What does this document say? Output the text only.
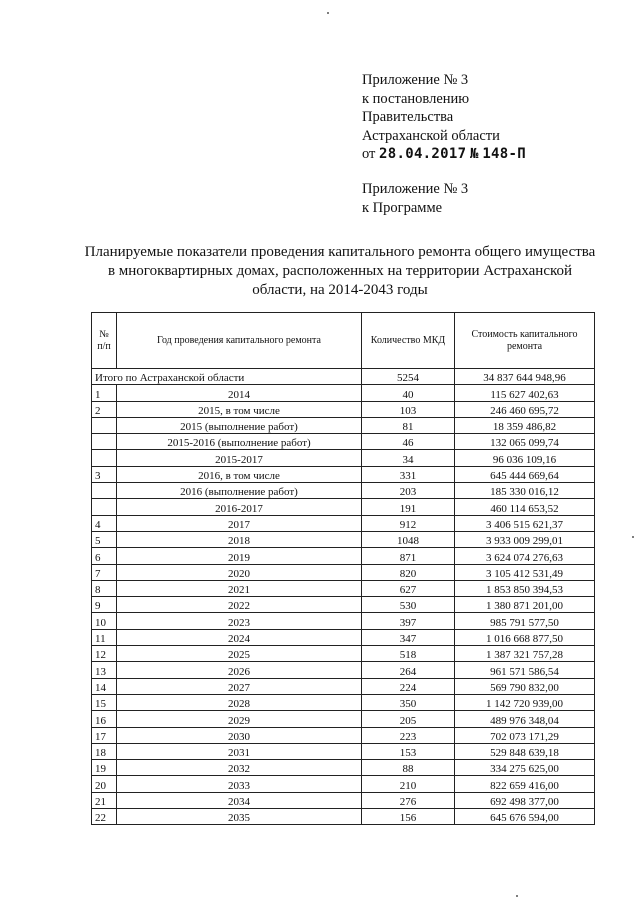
Приложение № 3
к постановлению
Правительства
Астраханской области
от 28.04.2017 № 148-П
Приложение № 3
к Программе
Планируемые показатели проведения капитального ремонта общего имущества
в многоквартирных домах, расположенных на территории Астраханской
области, на 2014-2043 годы
№ п/п	Год проведения капитального ремонта	Количество МКД	Стоимость капитального ремонта
Итого по Астраханской области		5254	34 837 644 948,96
1	2014	40	115 627 402,63
2	2015, в том числе	103	246 460 695,72
	2015 (выполнение работ)	81	18 359 486,82
	2015-2016 (выполнение работ)	46	132 065 099,74
	2015-2017	34	96 036 109,16
3	2016, в том числе	331	645 444 669,64
	2016 (выполнение работ)	203	185 330 016,12
	2016-2017	191	460 114 653,52
4	2017	912	3 406 515 621,37
5	2018	1048	3 933 009 299,01
6	2019	871	3 624 074 276,63
7	2020	820	3 105 412 531,49
8	2021	627	1 853 850 394,53
9	2022	530	1 380 871 201,00
10	2023	397	985 791 577,50
11	2024	347	1 016 668 877,50
12	2025	518	1 387 321 757,28
13	2026	264	961 571 586,54
14	2027	224	569 790 832,00
15	2028	350	1 142 720 939,00
16	2029	205	489 976 348,04
17	2030	223	702 073 171,29
18	2031	153	529 848 639,18
19	2032	88	334 275 625,00
20	2033	210	822 659 416,00
21	2034	276	692 498 377,00
22	2035	156	645 676 594,00
